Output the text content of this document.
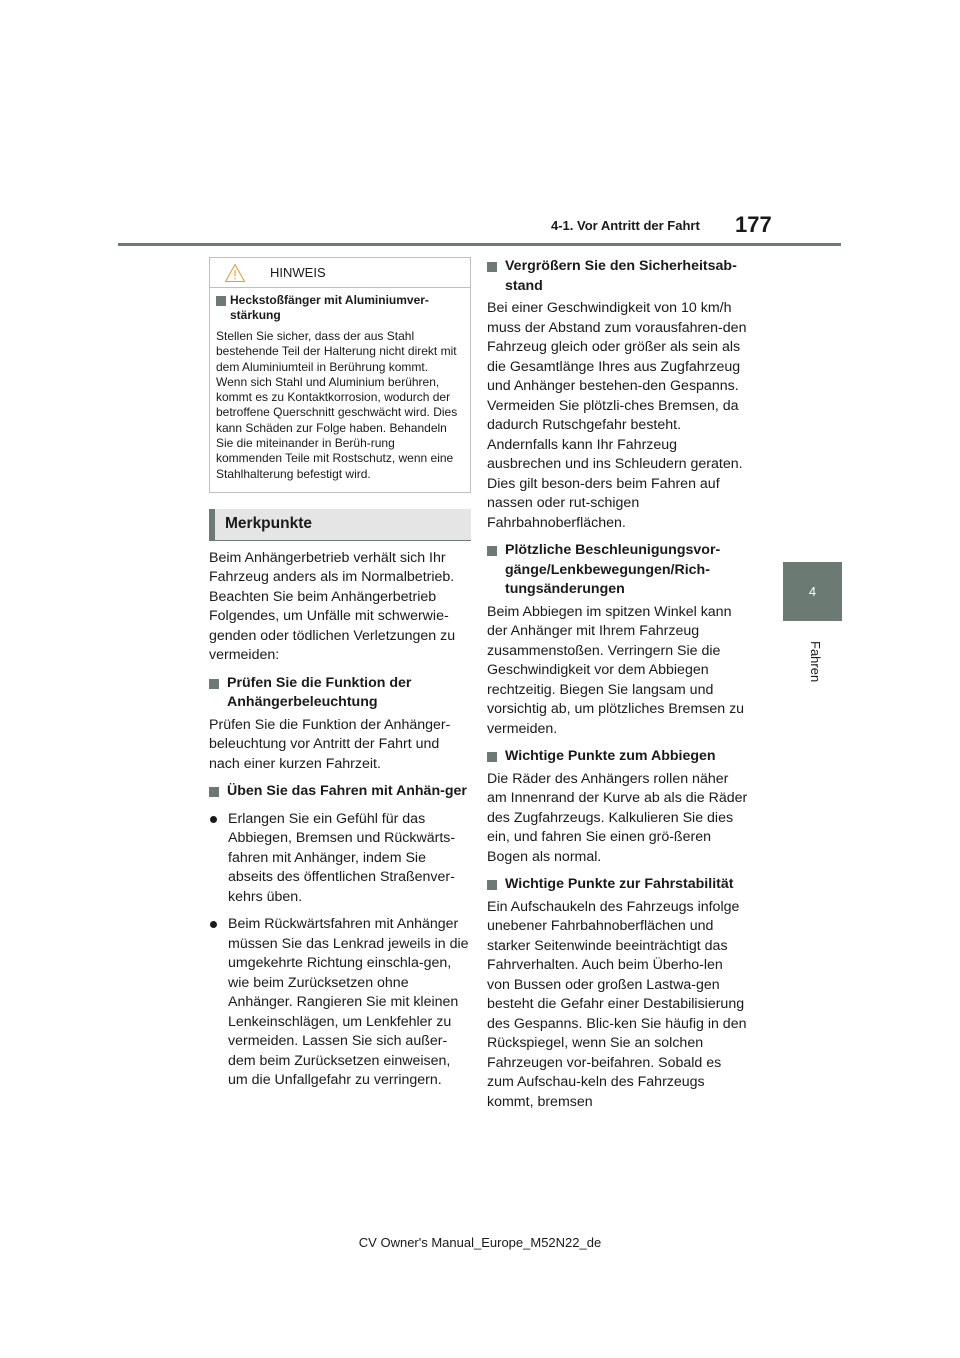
4-1. Vor Antritt der Fahrt 177
4
Fahren
HINWEIS
Heckstoßfänger mit Aluminiumver-stärkung
Stellen Sie sicher, dass der aus Stahl bestehende Teil der Halterung nicht direkt mit dem Aluminiumteil in Berührung kommt.
Wenn sich Stahl und Aluminium berühren, kommt es zu Kontaktkorrosion, wodurch der betroffene Querschnitt geschwächt wird. Dies kann Schäden zur Folge haben. Behandeln Sie die miteinander in Berüh-rung kommenden Teile mit Rostschutz, wenn eine Stahlhalterung befestigt wird.
Merkpunkte

Beim Anhängerbetrieb verhält sich Ihr Fahrzeug anders als im Normalbetrieb. Beachten Sie beim Anhängerbetrieb Folgendes, um Unfälle mit schwerwie-genden oder tödlichen Verletzungen zu vermeiden:

Prüfen Sie die Funktion der Anhängerbeleuchtung

Prüfen Sie die Funktion der Anhänger-beleuchtung vor Antritt der Fahrt und nach einer kurzen Fahrzeit.

Üben Sie das Fahren mit Anhän-ger
Erlangen Sie ein Gefühl für das Abbiegen, Bremsen und Rückwärts-fahren mit Anhänger, indem Sie abseits des öffentlichen Straßenver-kehrs üben.
Beim Rückwärtsfahren mit Anhänger müssen Sie das Lenkrad jeweils in die umgekehrte Richtung einschla-gen, wie beim Zurücksetzen ohne Anhänger. Rangieren Sie mit kleinen Lenkeinschlägen, um Lenkfehler zu vermeiden. Lassen Sie sich außer-dem beim Zurücksetzen einweisen, um die Unfallgefahr zu verringern.
Vergrößern Sie den Sicherheitsab-stand

Bei einer Geschwindigkeit von 10 km/h muss der Abstand zum vorausfahren-den Fahrzeug gleich oder größer als sein als die Gesamtlänge Ihres aus Zugfahrzeug und Anhänger bestehen-den Gespanns. Vermeiden Sie plötzli-ches Bremsen, da dadurch Rutschgefahr besteht. Andernfalls kann Ihr Fahrzeug ausbrechen und ins Schleudern geraten. Dies gilt beson-ders beim Fahren auf nassen oder rut-schigen Fahrbahnoberflächen.

Plötzliche Beschleunigungsvor-gänge/Lenkbewegungen/Rich-tungsänderungen

Beim Abbiegen im spitzen Winkel kann der Anhänger mit Ihrem Fahrzeug zusammenstoßen. Verringern Sie die Geschwindigkeit vor dem Abbiegen rechtzeitig. Biegen Sie langsam und vorsichtig ab, um plötzliches Bremsen zu vermeiden.

Wichtige Punkte zum Abbiegen

Die Räder des Anhängers rollen näher am Innenrand der Kurve ab als die Räder des Zugfahrzeugs. Kalkulieren Sie dies ein, und fahren Sie einen grö-ßeren Bogen als normal.

Wichtige Punkte zur Fahrstabilität

Ein Aufschaukeln des Fahrzeugs infolge unebener Fahrbahnoberflächen und starker Seitenwinde beeinträchtigt das Fahrverhalten. Auch beim Überho-len von Bussen oder großen Lastwa-gen besteht die Gefahr einer Destabilisierung des Gespanns. Blic-ken Sie häufig in den Rückspiegel, wenn Sie an solchen Fahrzeugen vor-beifahren. Sobald es zum Aufschau-keln des Fahrzeugs kommt, bremsen

CV Owner's Manual_Europe_M52N22_de
